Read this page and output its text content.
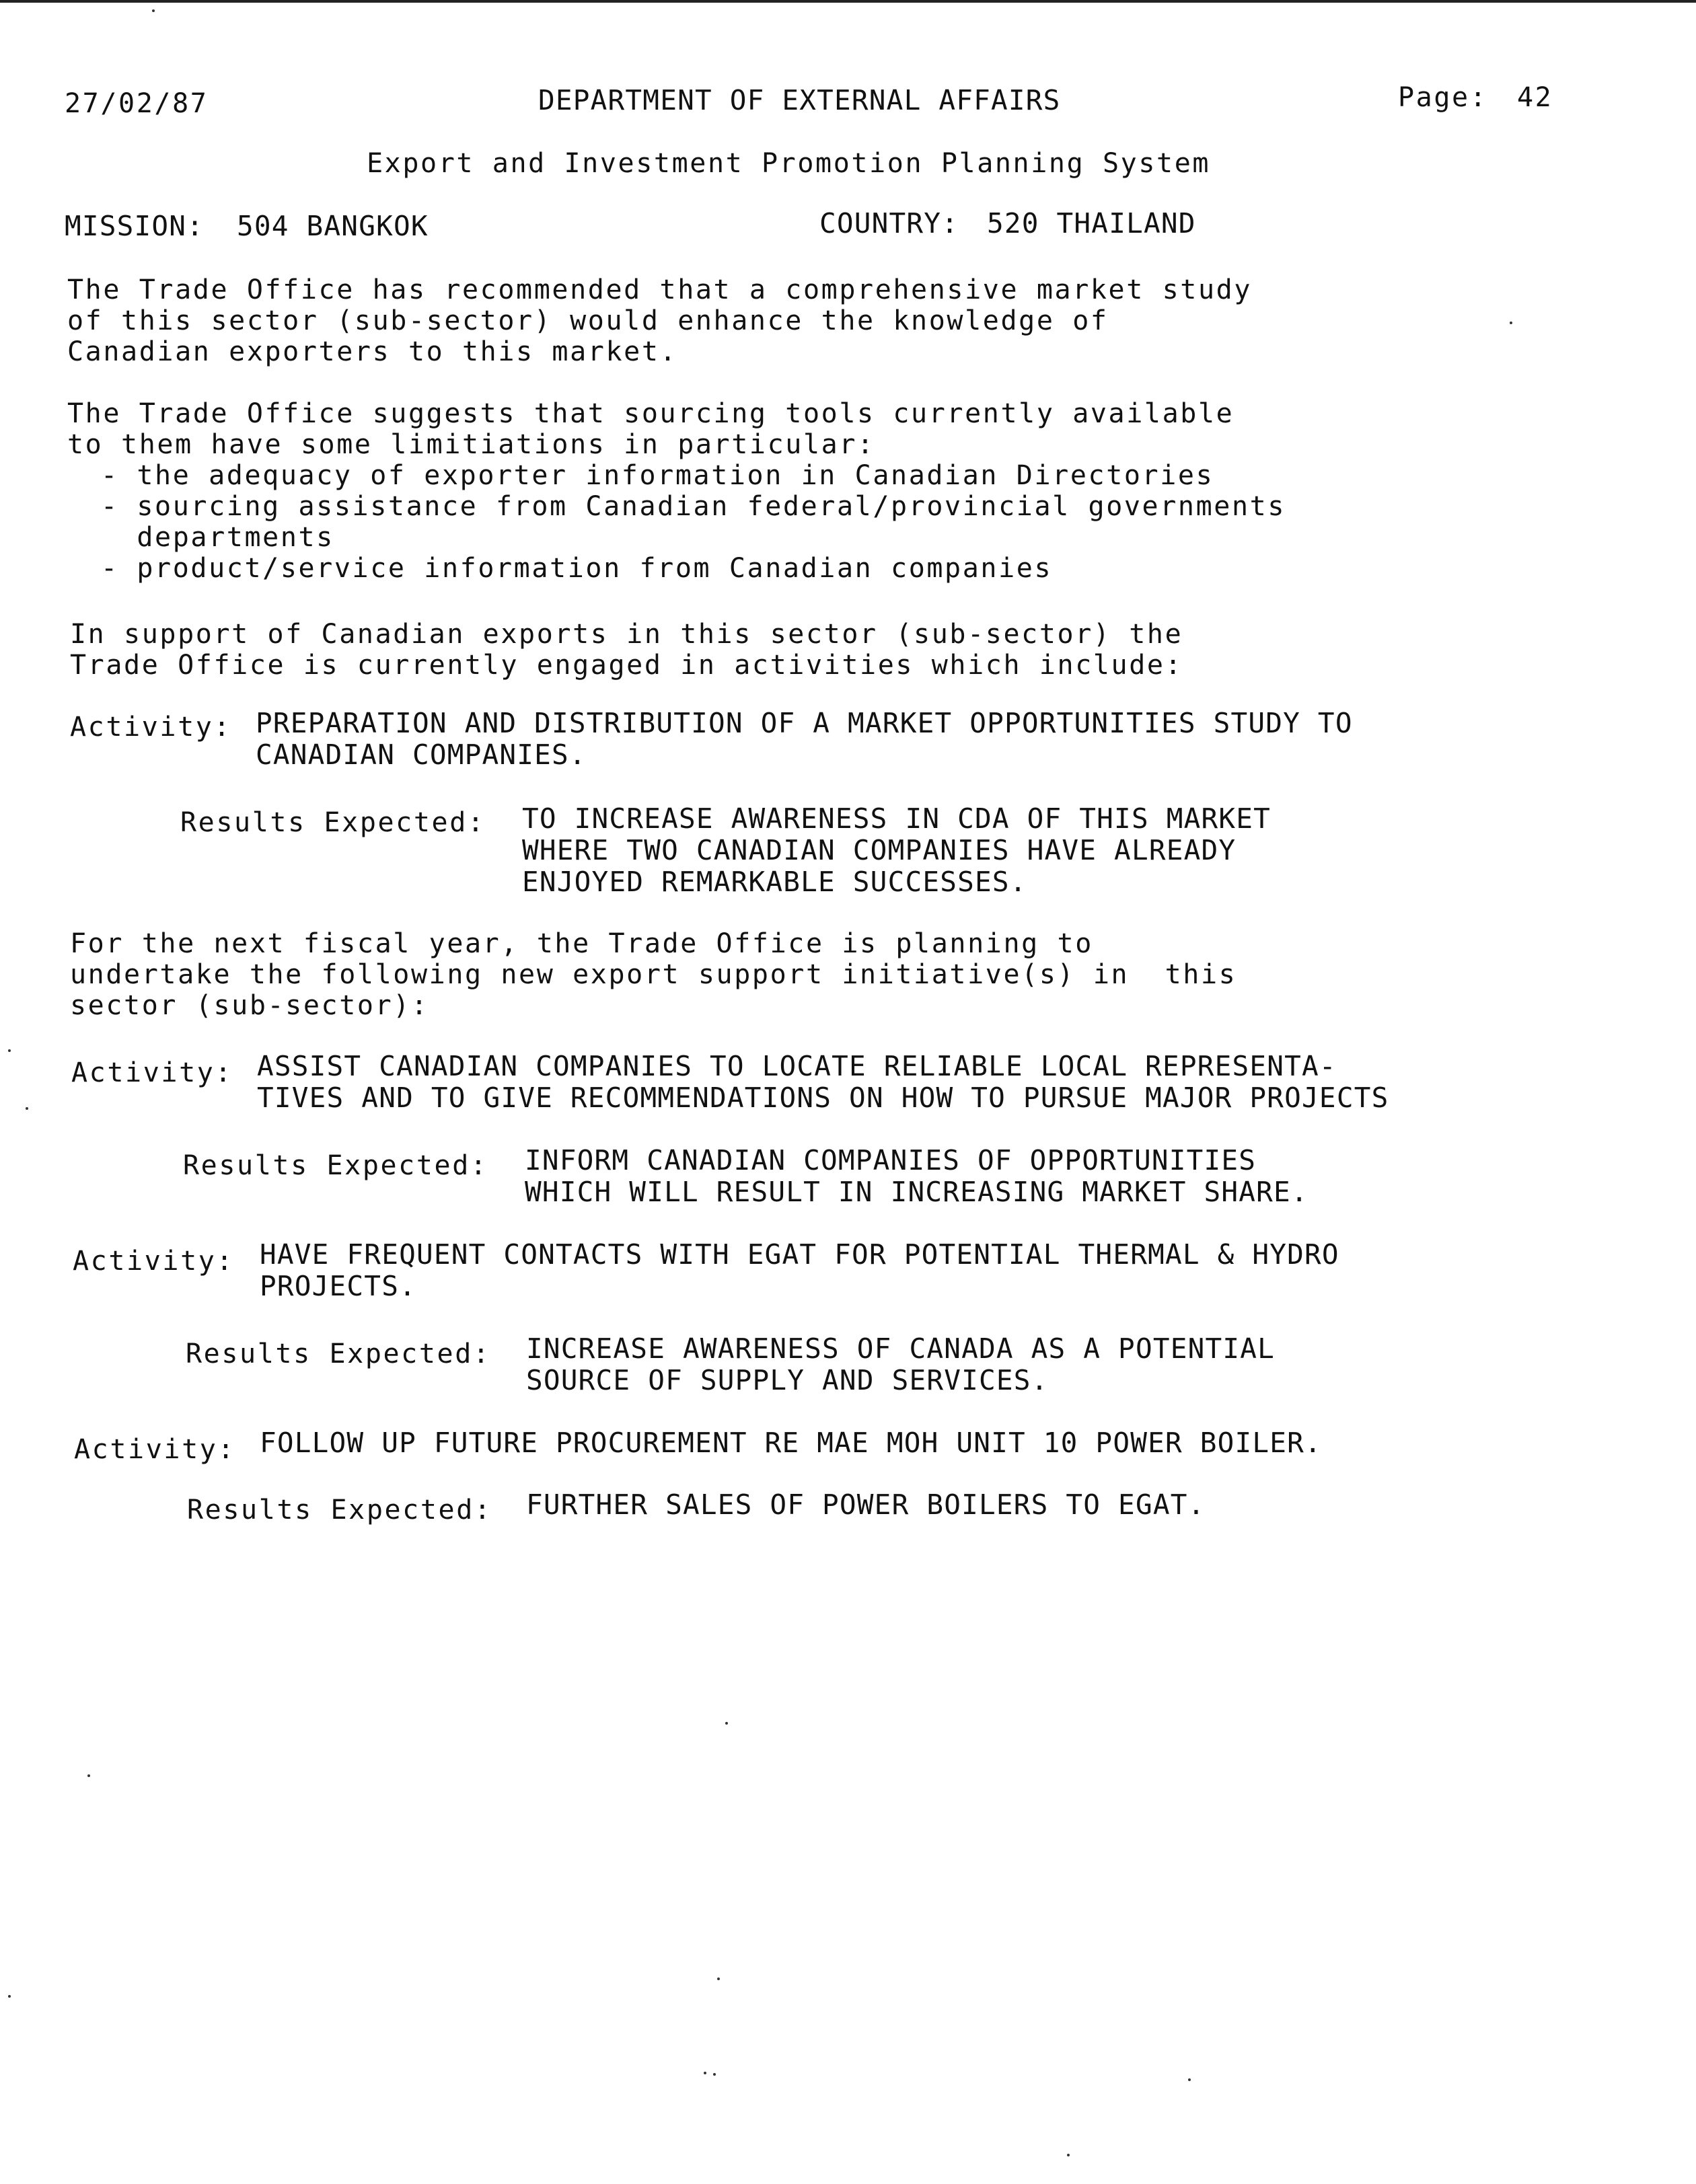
27/02/87	DEPARTMENT OF EXTERNAL AFFAIRS	Page: 42
Export and Investment Promotion Planning System
MISSION: 504 BANGKOK	COUNTRY: 520 THAILAND
The Trade Office has recommended that a comprehensive market study
of this sector (sub-sector) would enhance the knowledge of
Canadian exporters to this market.
The Trade Office suggests that sourcing tools currently available
to them have some limitiations in particular:
- the adequacy of exporter information in Canadian Directories
- sourcing assistance from Canadian federal/provincial governments
departments
- product/service information from Canadian companies
In support of Canadian exports in this sector (sub-sector) the
Trade Office is currently engaged in activities which include:
Activity: PREPARATION AND DISTRIBUTION OF A MARKET OPPORTUNITIES STUDY TO
CANADIAN COMPANIES.
Results Expected: TO INCREASE AWARENESS IN CDA OF THIS MARKET
WHERE TWO CANADIAN COMPANIES HAVE ALREADY
ENJOYED REMARKABLE SUCCESSES.
For the next fiscal year, the Trade Office is planning to
undertake the following new export support initiative(s) in  this
sector (sub-sector):
Activity: ASSIST CANADIAN COMPANIES TO LOCATE RELIABLE LOCAL REPRESENTA-
TIVES AND TO GIVE RECOMMENDATIONS ON HOW TO PURSUE MAJOR PROJECTS
Results Expected: INFORM CANADIAN COMPANIES OF OPPORTUNITIES
WHICH WILL RESULT IN INCREASING MARKET SHARE.
Activity: HAVE FREQUENT CONTACTS WITH EGAT FOR POTENTIAL THERMAL & HYDRO
PROJECTS.
Results Expected: INCREASE AWARENESS OF CANADA AS A POTENTIAL
SOURCE OF SUPPLY AND SERVICES.
Activity: FOLLOW UP FUTURE PROCUREMENT RE MAE MOH UNIT 10 POWER BOILER.
Results Expected: FURTHER SALES OF POWER BOILERS TO EGAT.
